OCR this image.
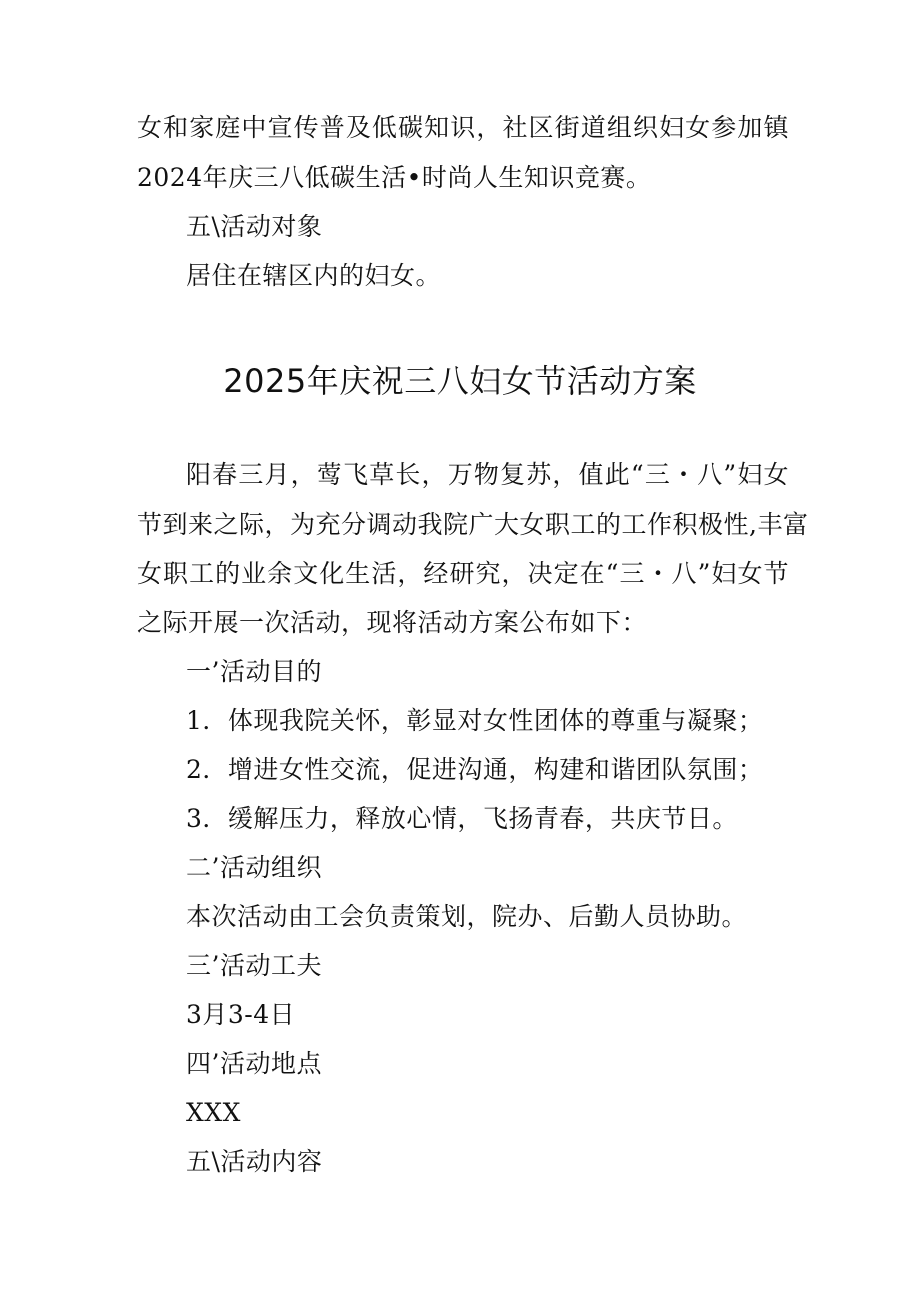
女和家庭中宣传普及低碳知识，社区街道组织妇女参加镇
2024年庆三八低碳生活•时尚人生知识竞赛。
五\活动对象
居住在辖区内的妇女。
2025年庆祝三八妇女节活动方案
阳春三月，莺飞草长，万物复苏，值此“三・八”妇女
节到来之际，为充分调动我院广大女职工的工作积极性,丰富
女职工的业余文化生活，经研究，决定在“三・八”妇女节
之际开展一次活动，现将活动方案公布如下：
一’活动目的
1．体现我院关怀，彰显对女性团体的尊重与凝聚；
2．增进女性交流，促进沟通，构建和谐团队氛围；
3．缓解压力，释放心情，飞扬青春，共庆节日。
二’活动组织
本次活动由工会负责策划，院办、后勤人员协助。
三’活动工夫
3月3-4日
四’活动地点
XXX
五\活动内容
